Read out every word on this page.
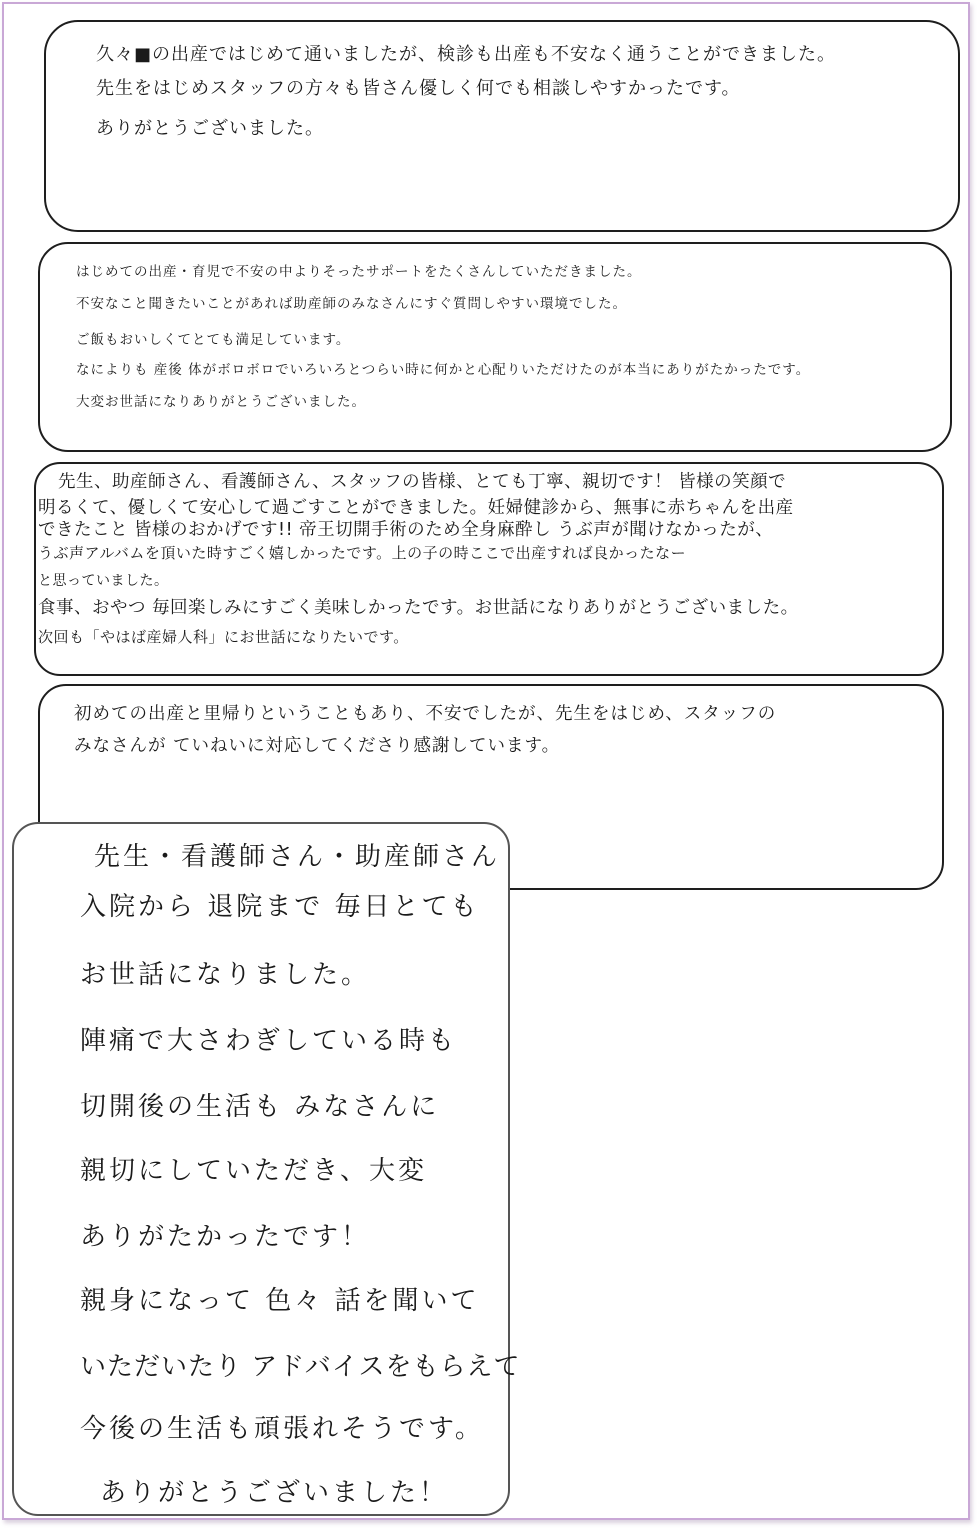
久々■の出産ではじめて通いましたが、検診も出産も不安なく通うことができました。

先生をはじめスタッフの方々も皆さん優しく何でも相談しやすかったです。

ありがとうございました。

はじめての出産・育児で不安の中よりそったサポートをたくさんしていただきました。

不安なこと聞きたいことがあれば助産師のみなさんにすぐ質問しやすい環境でした。

ご飯もおいしくてとても満足しています。

なによりも 産後 体がボロボロでいろいろとつらい時に何かと心配りいただけたのが本当にありがたかったです。

大変お世話になりありがとうございました。

先生、助産師さん、看護師さん、スタッフの皆様、とても丁寧、親切です！ 皆様の笑顔で

明るくて、優しくて安心して過ごすことができました。妊婦健診から、無事に赤ちゃんを出産

できたこと 皆様のおかげです!! 帝王切開手術のため全身麻酔し うぶ声が聞けなかったが、

うぶ声アルバムを頂いた時すごく嬉しかったです。上の子の時ここで出産すれば良かったなー

と思っていました。

食事、おやつ 毎回楽しみにすごく美味しかったです。お世話になりありがとうございました。

次回も「やはば産婦人科」にお世話になりたいです。

初めての出産と里帰りということもあり、不安でしたが、先生をはじめ、スタッフの

みなさんが ていねいに対応してくださり感謝しています。

先生・看護師さん・助産師さん

入院から 退院まで 毎日とても

お世話になりました。

陣痛で大さわぎしている時も

切開後の生活も みなさんに

親切にしていただき、大変

ありがたかったです！

親身になって 色々 話を聞いて

いただいたり アドバイスをもらえて

今後の生活も頑張れそうです。

ありがとうございました！
